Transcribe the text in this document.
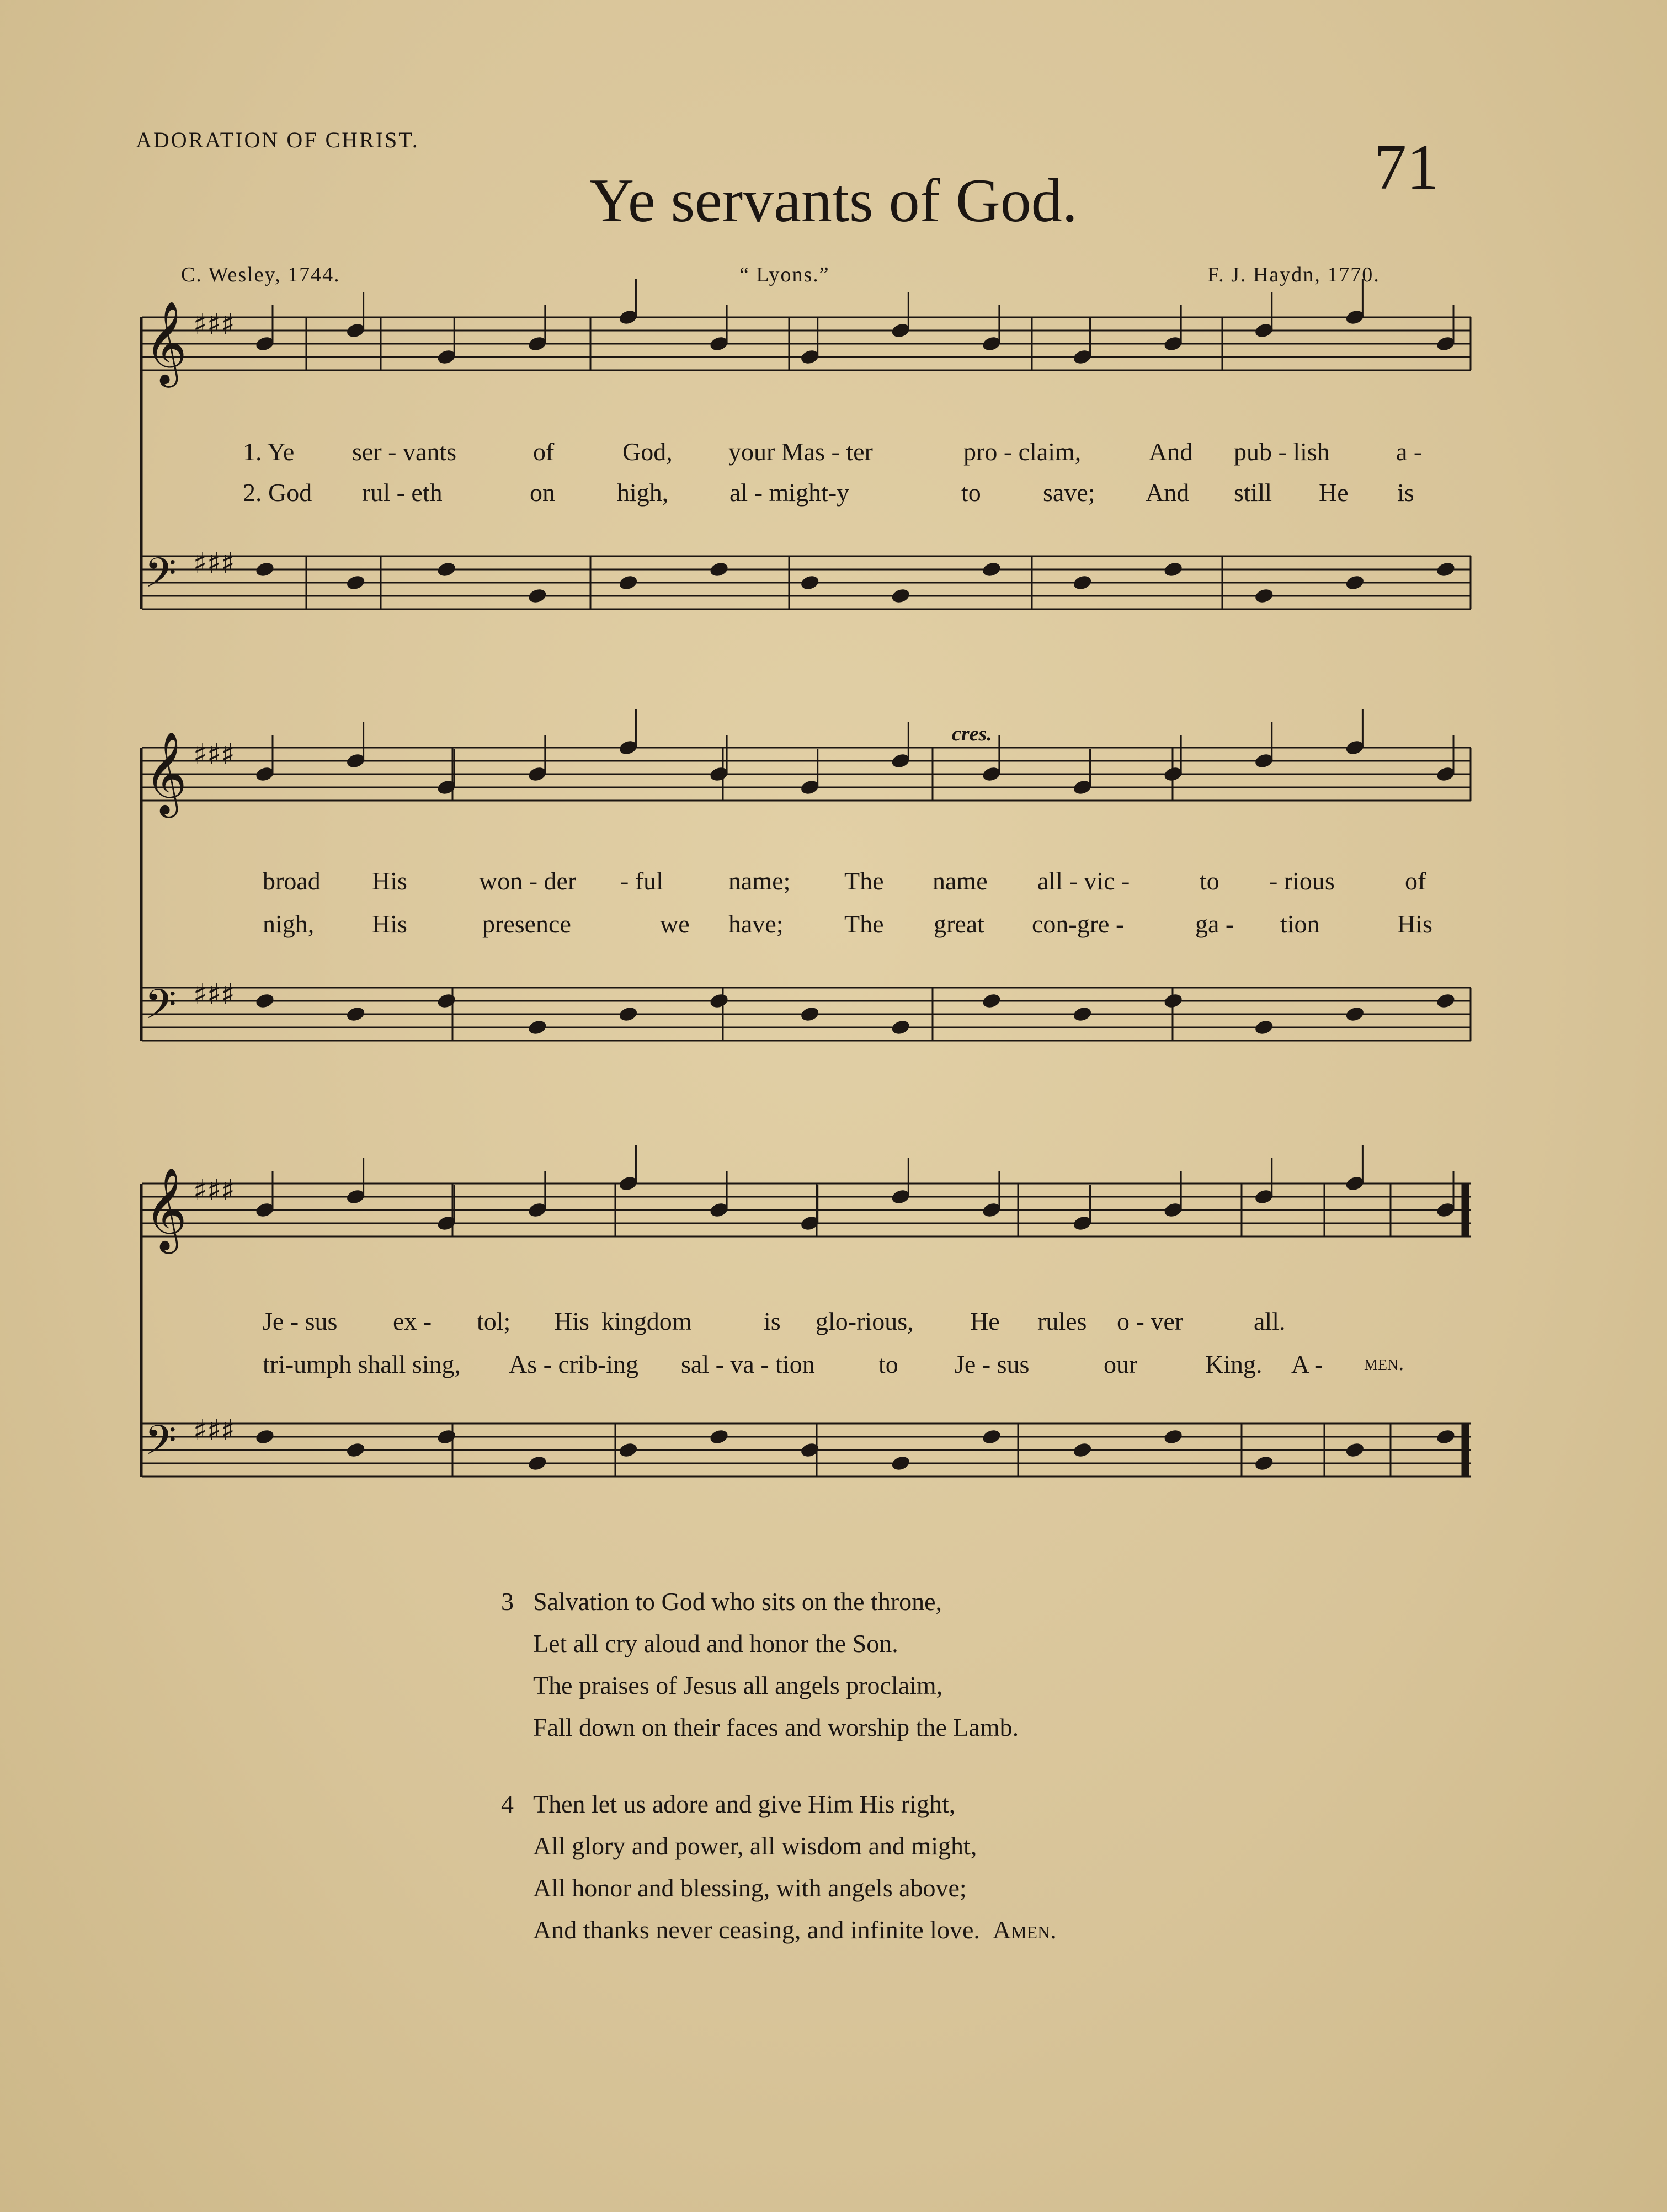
ADORATION OF CHRIST.	71
Ye servants of God.
C. Wesley, 1744.	“ Lyons.”	F. J. Haydn, 1770.
𝄞 ♯♯♯
𝄢 ♯♯♯
𝄞 ♯♯♯
𝄢 ♯♯♯
𝄞 ♯♯♯
𝄢 ♯♯♯
cres.
1. Ye ser - vants	of	God, your Mas - ter	pro - claim,	And pub - lish	a -
2. God rul - eth	on high, al - might-y	to save; And still He is
broad His	won - der - ful	name; The name all - vic -	to - rious	of
nigh, His	presence	we have; The great con-gre -	ga - tion	His
Je - sus ex - tol; His kingdom	is glo-rious, He rules o - ver	all.
tri-umph shall sing, As - crib-ing sal - va - tion	to Je - sus	our	King. A - men.
3 Salvation to God who sits on the throne,
Let all cry aloud and honor the Son.
The praises of Jesus all angels proclaim,
Fall down on their faces and worship the Lamb.
4 Then let us adore and give Him His right,
All glory and power, all wisdom and might,
All honor and blessing, with angels above;
And thanks never ceasing, and infinite love. Amen.
